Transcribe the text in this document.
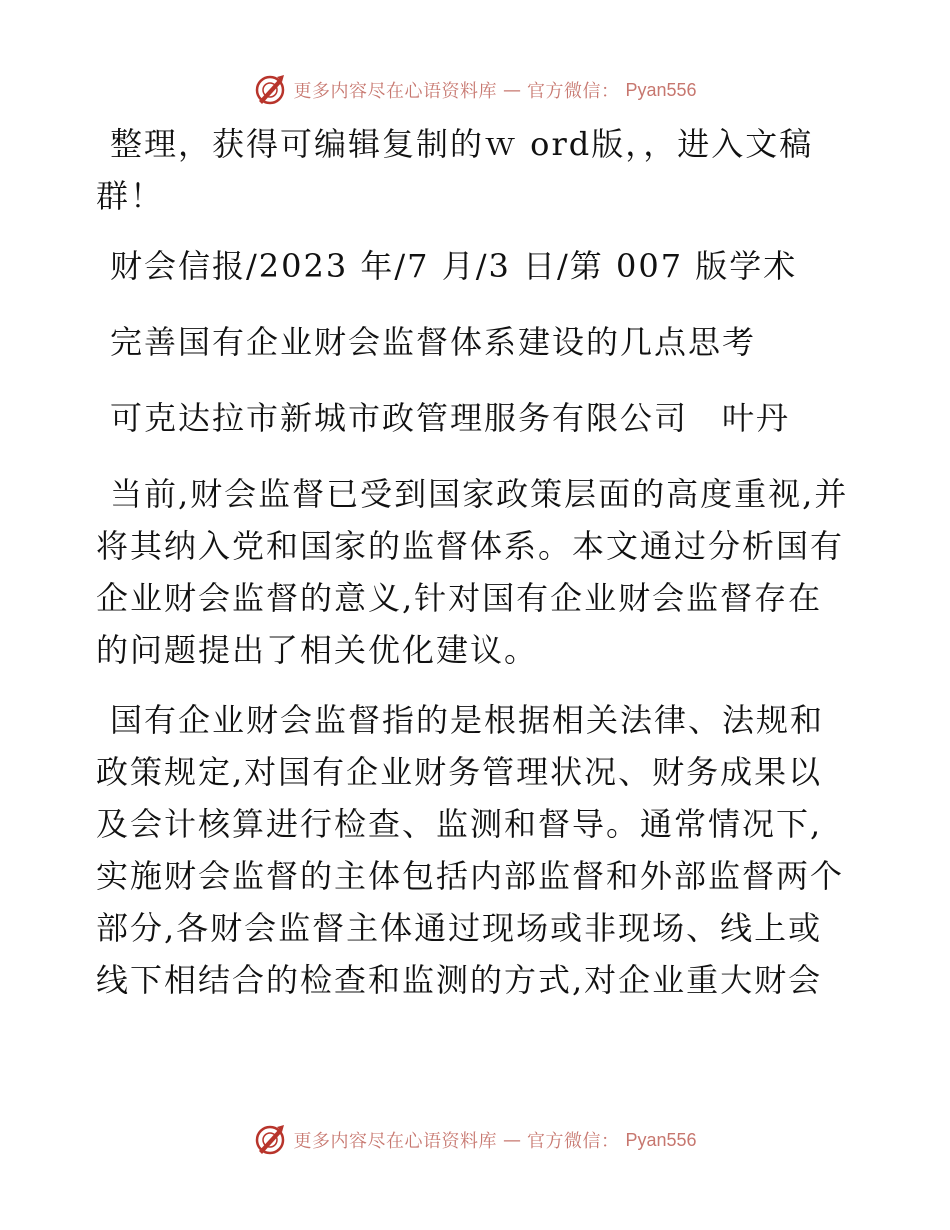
更多内容尽在心语资料库 — 官方微信： Pyan556

整理，获得可编辑复制的ｗ ord版，，进入文稿群！

财会信报/2023 年/7 月/3 日/第 007 版学术

完善国有企业财会监督体系建设的几点思考

可克达拉市新城市政管理服务有限公司　叶丹

当前,财会监督已受到国家政策层面的高度重视,并将其纳入党和国家的监督体系。本文通过分析国有企业财会监督的意义,针对国有企业财会监督存在的问题提出了相关优化建议。

国有企业财会监督指的是根据相关法律、法规和政策规定,对国有企业财务管理状况、财务成果以及会计核算进行检查、监测和督导。通常情况下,实施财会监督的主体包括内部监督和外部监督两个部分,各财会监督主体通过现场或非现场、线上或线下相结合的检查和监测的方式,对企业重大财会

更多内容尽在心语资料库 — 官方微信： Pyan556
